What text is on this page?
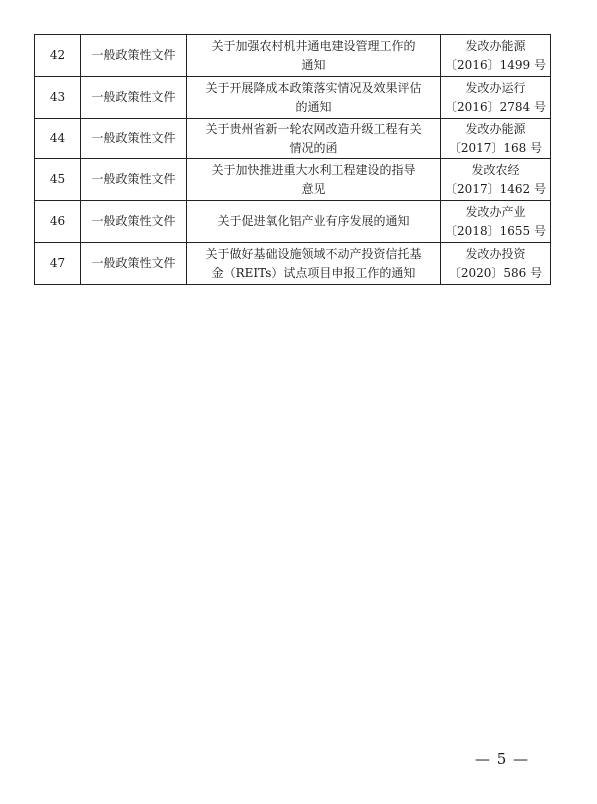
42	一般政策性文件	关于加强农村机井通电建设管理工作的
通知	发改办能源
〔2016〕1499 号

43	一般政策性文件	关于开展降成本政策落实情况及效果评估
的通知	发改办运行
〔2016〕2784 号

44	一般政策性文件	关于贵州省新一轮农网改造升级工程有关
情况的函	发改办能源
〔2017〕168 号

45	一般政策性文件	关于加快推进重大水利工程建设的指导
意见	发改农经
〔2017〕1462 号

46	一般政策性文件	关于促进氧化铝产业有序发展的通知	发改办产业
〔2018〕1655 号

47	一般政策性文件	关于做好基础设施领域不动产投资信托基
金（REITs）试点项目申报工作的通知	发改办投资
〔2020〕586 号
— 5 —
